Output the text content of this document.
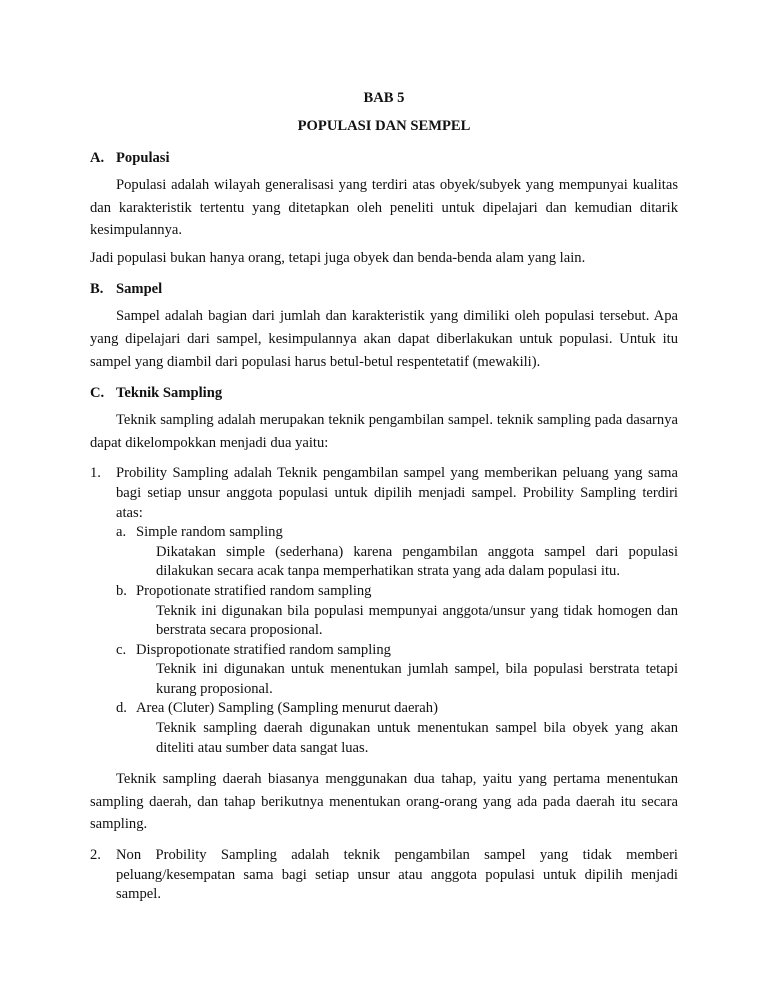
BAB 5
POPULASI DAN SEMPEL
A. Populasi

Populasi adalah wilayah generalisasi yang terdiri atas obyek/subyek yang mempunyai kualitas dan karakteristik tertentu yang ditetapkan oleh peneliti untuk dipelajari dan kemudian ditarik kesimpulannya.

Jadi populasi bukan hanya orang, tetapi juga obyek dan benda-benda alam yang lain.

B. Sampel

Sampel adalah bagian dari jumlah dan karakteristik yang dimiliki oleh populasi tersebut. Apa yang dipelajari dari sampel, kesimpulannya akan dapat diberlakukan untuk populasi. Untuk itu sampel yang diambil dari populasi harus betul-betul respentetatif (mewakili).

C. Teknik Sampling

Teknik sampling adalah merupakan teknik pengambilan sampel. teknik sampling pada dasarnya dapat dikelompokkan menjadi dua yaitu:

1. Probility Sampling adalah Teknik pengambilan sampel yang memberikan peluang yang sama bagi setiap unsur anggota populasi untuk dipilih menjadi sampel. Probility Sampling terdiri atas:
a. Simple random sampling
Dikatakan simple (sederhana) karena pengambilan anggota sampel dari populasi dilakukan secara acak tanpa memperhatikan strata yang ada dalam populasi itu.
b. Propotionate stratified random sampling
Teknik ini digunakan bila populasi mempunyai anggota/unsur yang tidak homogen dan berstrata secara proposional.
c. Dispropotionate stratified random sampling
Teknik ini digunakan untuk menentukan jumlah sampel, bila populasi berstrata tetapi kurang proposional.
d. Area (Cluter) Sampling (Sampling menurut daerah)
Teknik sampling daerah digunakan untuk menentukan sampel bila obyek yang akan diteliti atau sumber data sangat luas.

Teknik sampling daerah biasanya menggunakan dua tahap, yaitu yang pertama menentukan sampling daerah, dan tahap berikutnya menentukan orang-orang yang ada pada daerah itu secara sampling.

2. Non Probility Sampling adalah teknik pengambilan sampel yang tidak memberi peluang/kesempatan sama bagi setiap unsur atau anggota populasi untuk dipilih menjadi sampel.
